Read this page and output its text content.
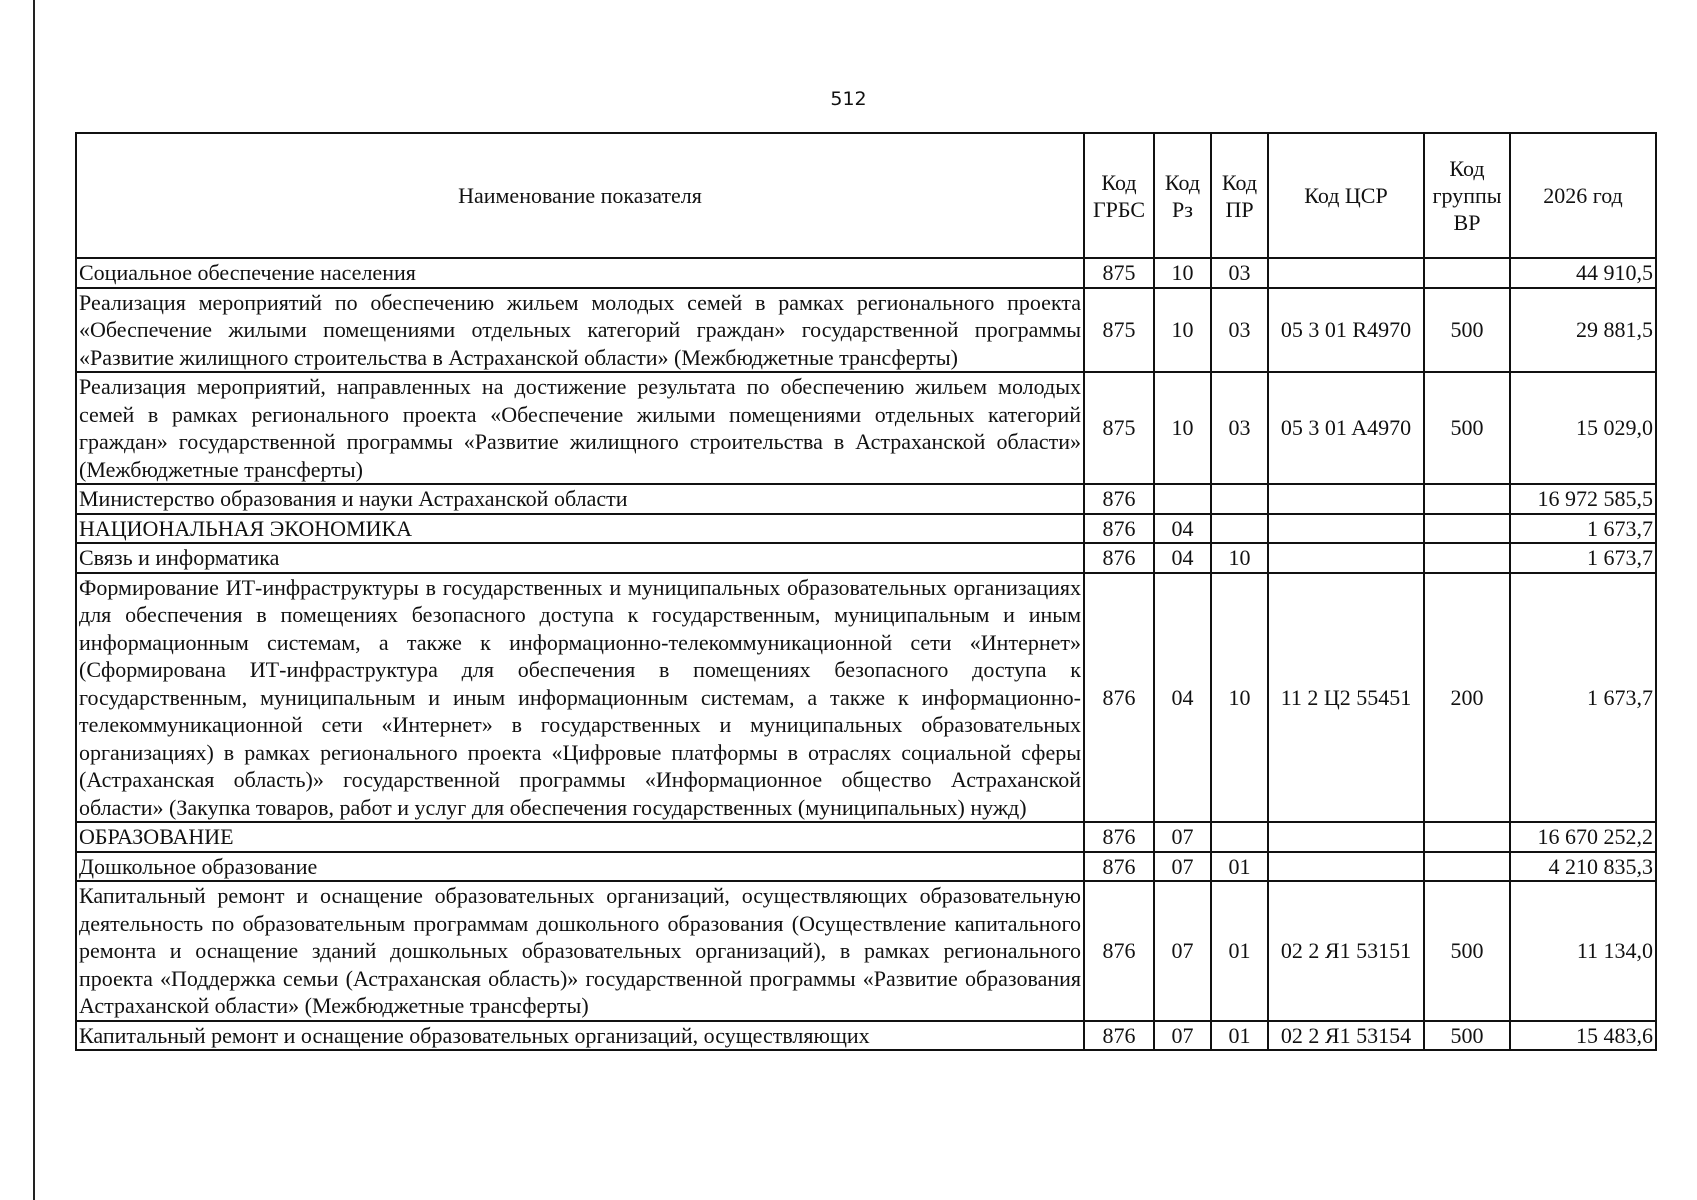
512
Наименование показателя	Код ГРБС	Код Рз	Код ПР	Код ЦСР	Код группы ВР	2026 год
Социальное обеспечение населения	875	10	03			44 910,5
Реализация мероприятий по обеспечению жильем молодых семей в рамках регионального проекта «Обеспечение жилыми помещениями отдельных категорий граждан» государственной программы «Развитие жилищного строительства в Астраханской области» (Межбюджетные трансферты)	875	10	03	05 3 01 R4970	500	29 881,5
Реализация мероприятий, направленных на достижение результата по обеспечению жильем молодых семей в рамках регионального проекта «Обеспечение жилыми помещениями отдельных категорий граждан» государственной программы «Развитие жилищного строительства в Астраханской области» (Межбюджетные трансферты)	875	10	03	05 3 01 A4970	500	15 029,0
Министерство образования и науки Астраханской области	876					16 972 585,5
НАЦИОНАЛЬНАЯ ЭКОНОМИКА	876	04				1 673,7
Связь и информатика	876	04	10			1 673,7
Формирование ИТ-инфраструктуры в государственных и муниципальных образовательных организациях для обеспечения в помещениях безопасного доступа к государственным, муниципальным и иным информационным системам, а также к информационно-телекоммуникационной сети «Интернет» (Сформирована ИТ-инфраструктура для обеспечения в помещениях безопасного доступа к государственным, муниципальным и иным информационным системам, а также к информационно-телекоммуникационной сети «Интернет» в государственных и муниципальных образовательных организациях) в рамках регионального проекта «Цифровые платформы в отраслях социальной сферы (Астраханская область)» государственной программы «Информационное общество Астраханской области» (Закупка товаров, работ и услуг для обеспечения государственных (муниципальных) нужд)	876	04	10	11 2 Ц2 55451	200	1 673,7
ОБРАЗОВАНИЕ	876	07				16 670 252,2
Дошкольное образование	876	07	01			4 210 835,3
Капитальный ремонт и оснащение образовательных организаций, осуществляющих образовательную деятельность по образовательным программам дошкольного образования (Осуществление капитального ремонта и оснащение зданий дошкольных образовательных организаций), в рамках регионального проекта «Поддержка семьи (Астраханская область)» государственной программы «Развитие образования Астраханской области» (Межбюджетные трансферты)	876	07	01	02 2 Я1 53151	500	11 134,0
Капитальный ремонт и оснащение образовательных организаций, осуществляющих	876	07	01	02 2 Я1 53154	500	15 483,6
